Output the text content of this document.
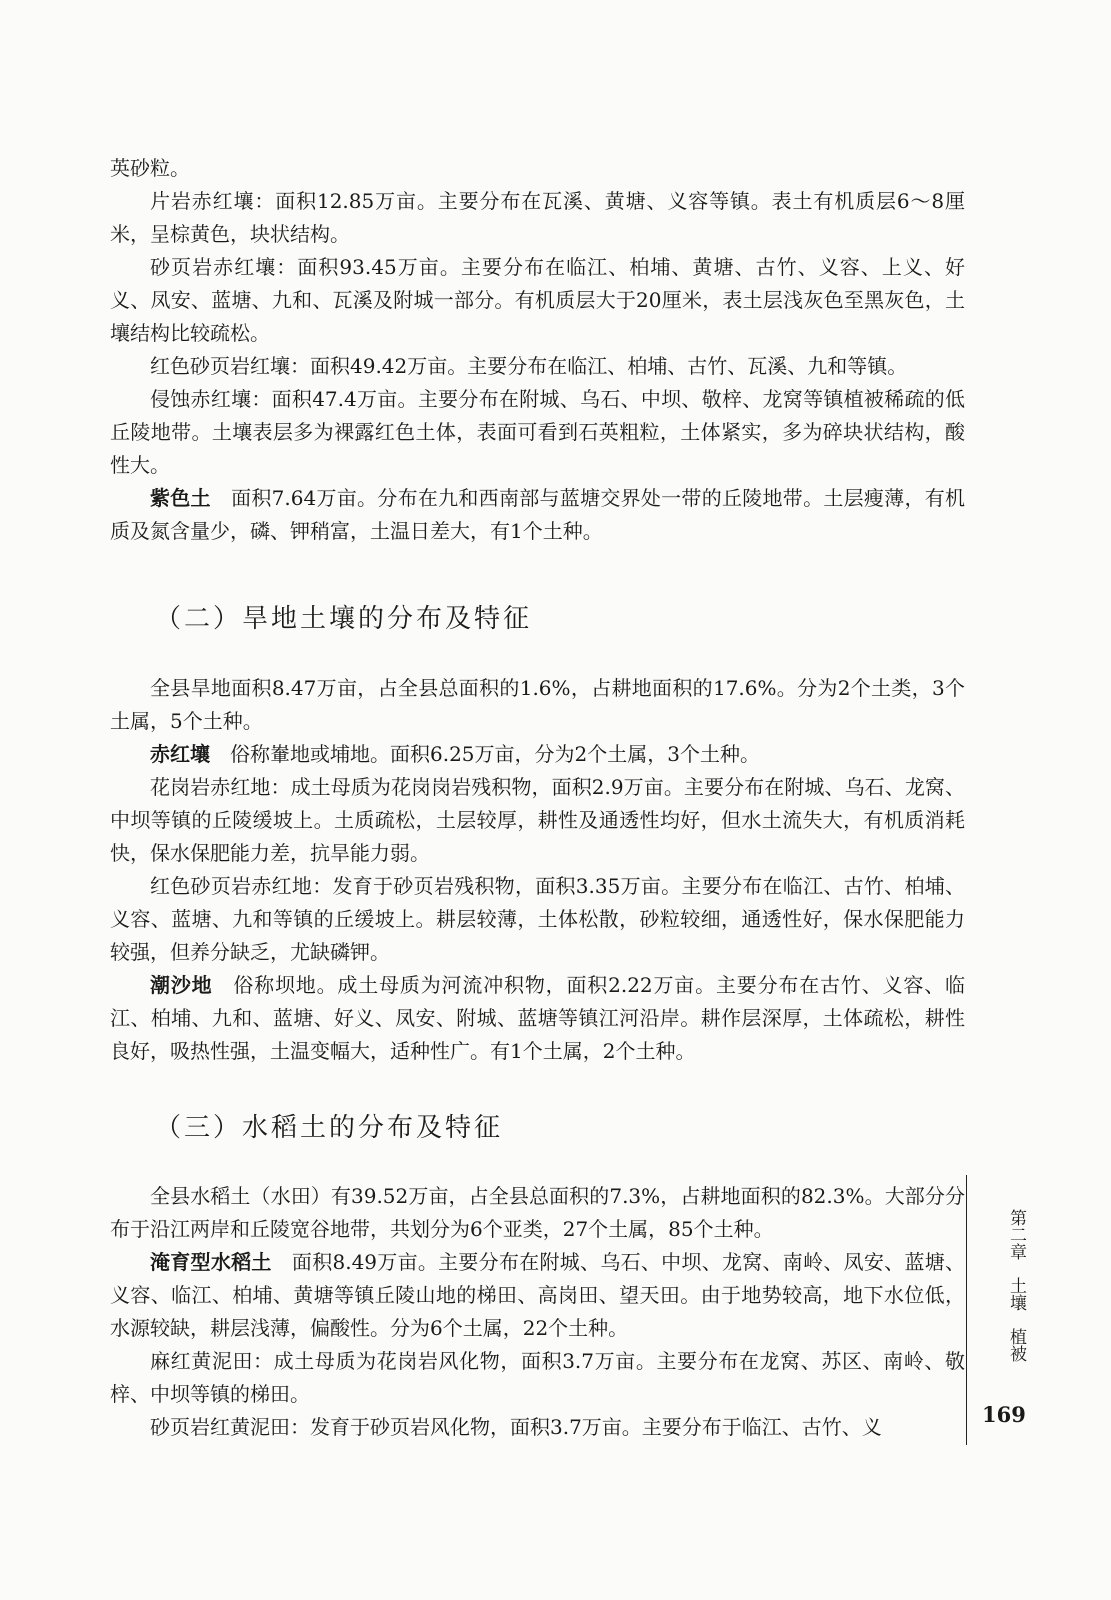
英砂粒。

片岩赤红壤：面积12.85万亩。主要分布在瓦溪、黄塘、义容等镇。表土有机质层6～8厘米，呈棕黄色，块状结构。

砂页岩赤红壤：面积93.45万亩。主要分布在临江、柏埔、黄塘、古竹、义容、上义、好义、凤安、蓝塘、九和、瓦溪及附城一部分。有机质层大于20厘米，表土层浅灰色至黑灰色，土壤结构比较疏松。

红色砂页岩红壤：面积49.42万亩。主要分布在临江、柏埔、古竹、瓦溪、九和等镇。

侵蚀赤红壤：面积47.4万亩。主要分布在附城、乌石、中坝、敬梓、龙窝等镇植被稀疏的低丘陵地带。土壤表层多为裸露红色土体，表面可看到石英粗粒，土体紧实，多为碎块状结构，酸性大。

紫色土　面积7.64万亩。分布在九和西南部与蓝塘交界处一带的丘陵地带。土层瘦薄，有机质及氮含量少，磷、钾稍富，土温日差大，有1个土种。

（二）旱地土壤的分布及特征

全县旱地面积8.47万亩，占全县总面积的1.6%，占耕地面积的17.6%。分为2个土类，3个土属，5个土种。

赤红壤　俗称輋地或埔地。面积6.25万亩，分为2个土属，3个土种。

花岗岩赤红地：成土母质为花岗岗岩残积物，面积2.9万亩。主要分布在附城、乌石、龙窝、中坝等镇的丘陵缓坡上。土质疏松，土层较厚，耕性及通透性均好，但水土流失大，有机质消耗快，保水保肥能力差，抗旱能力弱。

红色砂页岩赤红地：发育于砂页岩残积物，面积3.35万亩。主要分布在临江、古竹、柏埔、义容、蓝塘、九和等镇的丘缓坡上。耕层较薄，土体松散，砂粒较细，通透性好，保水保肥能力较强，但养分缺乏，尤缺磷钾。

潮沙地　俗称坝地。成土母质为河流冲积物，面积2.22万亩。主要分布在古竹、义容、临江、柏埔、九和、蓝塘、好义、凤安、附城、蓝塘等镇江河沿岸。耕作层深厚，土体疏松，耕性良好，吸热性强，土温变幅大，适种性广。有1个土属，2个土种。

（三）水稻土的分布及特征

全县水稻土（水田）有39.52万亩，占全县总面积的7.3%，占耕地面积的82.3%。大部分分布于沿江两岸和丘陵宽谷地带，共划分为6个亚类，27个土属，85个土种。

淹育型水稻土　面积8.49万亩。主要分布在附城、乌石、中坝、龙窝、南岭、凤安、蓝塘、义容、临江、柏埔、黄塘等镇丘陵山地的梯田、高岗田、望天田。由于地势较高，地下水位低，水源较缺，耕层浅薄，偏酸性。分为6个土属，22个土种。

麻红黄泥田：成土母质为花岗岩风化物，面积3.7万亩。主要分布在龙窝、苏区、南岭、敬梓、中坝等镇的梯田。

砂页岩红黄泥田：发育于砂页岩风化物，面积3.7万亩。主要分布于临江、古竹、义

第二章　土壤　植被
169
